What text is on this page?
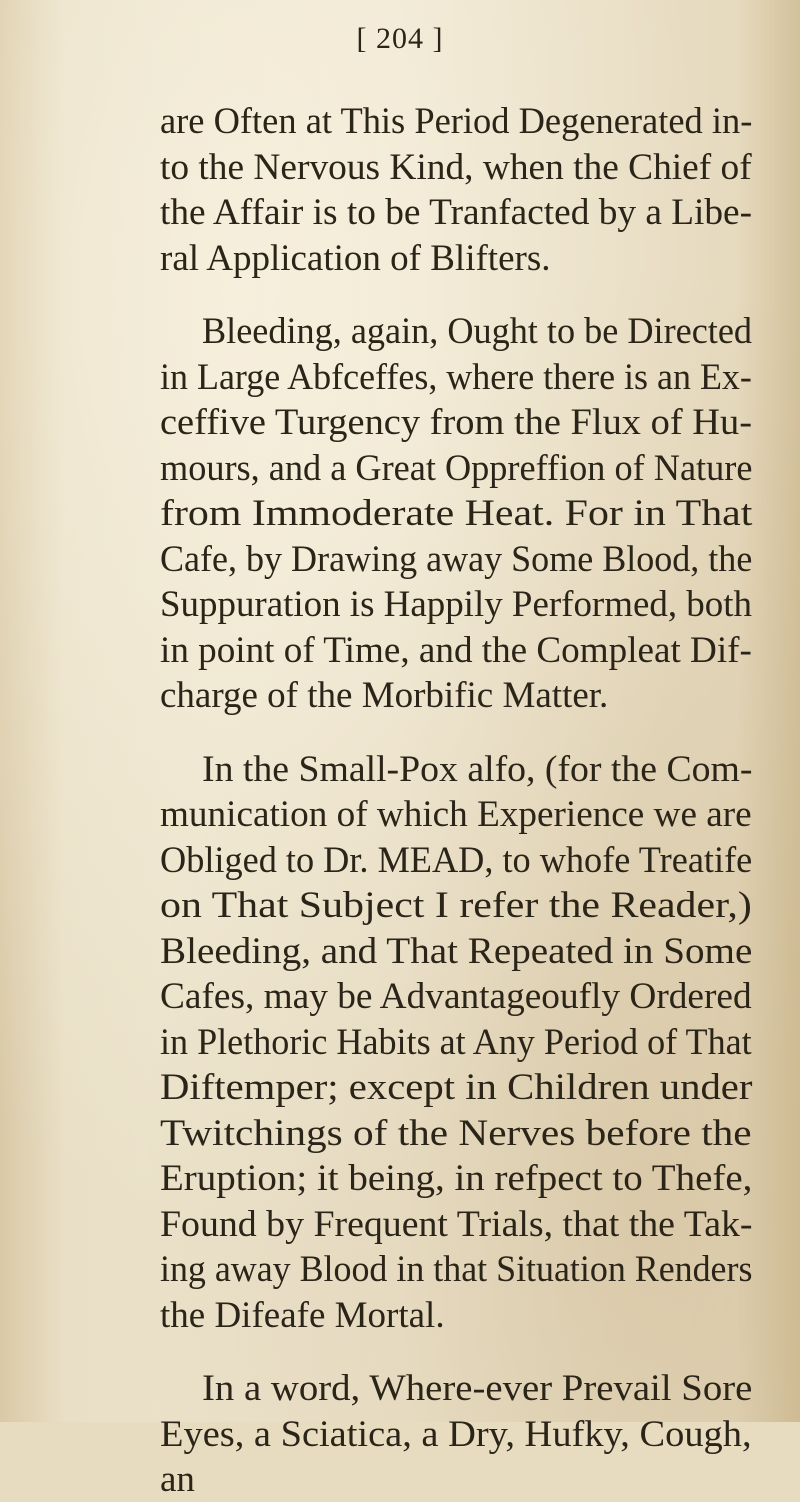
[ 204 ]
are Often at This Period Degenerated in-
to the Nervous Kind, when the Chief of
the Affair is to be Tranfacted by a Libe-
ral Application of Blifters.
Bleeding, again, Ought to be Directed
in Large Abfceffes, where there is an Ex-
ceffive Turgency from the Flux of Hu-
mours, and a Great Oppreffion of Nature
from Immoderate Heat. For in That
Cafe, by Drawing away Some Blood, the
Suppuration is Happily Performed, both
in point of Time, and the Compleat Dif-
charge of the Morbific Matter.
In the Small-Pox alfo, (for the Com-
munication of which Experience we are
Obliged to Dr. MEAD, to whofe Treatife
on That Subject I refer the Reader,)
Bleeding, and That Repeated in Some
Cafes, may be Advantageoufly Ordered
in Plethoric Habits at Any Period of That
Diftemper; except in Children under
Twitchings of the Nerves before the
Eruption; it being, in refpect to Thefe,
Found by Frequent Trials, that the Tak-
ing away Blood in that Situation Renders
the Difeafe Mortal.
In a word, Where-ever Prevail Sore
Eyes, a Sciatica, a Dry, Hufky, Cough,
an
